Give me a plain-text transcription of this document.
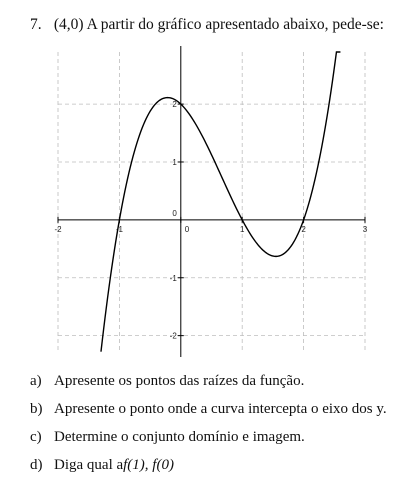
7. (4,0) A partir do gráfico apresentado abaixo, pede-se:
-2	-1	0	1	2	3
2
1
0
-1
-2
a) Apresente os pontos das raízes da função.
b) Apresente o ponto onde a curva intercepta o eixo dos y.
c) Determine o conjunto domínio e imagem.
d) Diga qual a f(1), f(0)
